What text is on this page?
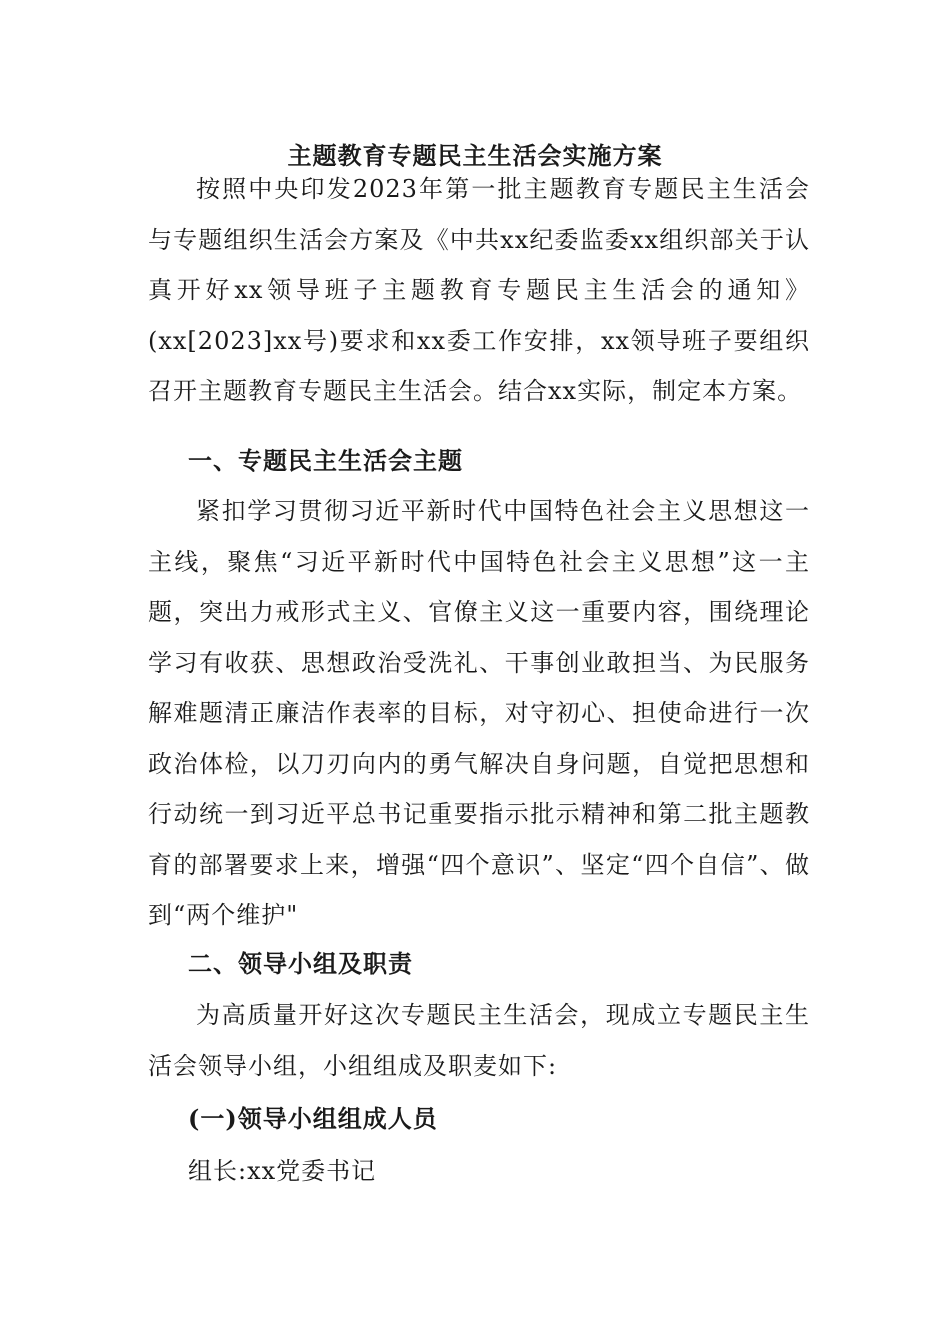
主题教育专题民主生活会实施方案
按照中央印发2023年第一批主题教育专题民主生活会与专题组织生活会方案及《中共xx纪委监委xx组织部关于认真开好xx领导班子主题教育专题民主生活会的通知》(xx[2023]xx号)要求和xx委工作安排，xx领导班子要组织召开主题教育专题民主生活会。结合xx实际，制定本方案。
一、专题民主生活会主题
紧扣学习贯彻习近平新时代中国特色社会主义思想这一主线，聚焦“习近平新时代中国特色社会主义思想”这一主题，突出力戒形式主义、官僚主义这一重要内容，围绕理论学习有收获、思想政治受洗礼、干事创业敢担当、为民服务解难题清正廉洁作表率的目标，对守初心、担使命进行一次政治体检，以刀刃向内的勇气解决自身问题，自觉把思想和行动统一到习近平总书记重要指示批示精神和第二批主题教育的部署要求上来，增强“四个意识”、坚定“四个自信”、做到“两个维护"
二、领导小组及职责
为高质量开好这次专题民主生活会，现成立专题民主生活会领导小组，小组组成及职麦如下:
(一)领导小组组成人员
组长:xx党委书记
